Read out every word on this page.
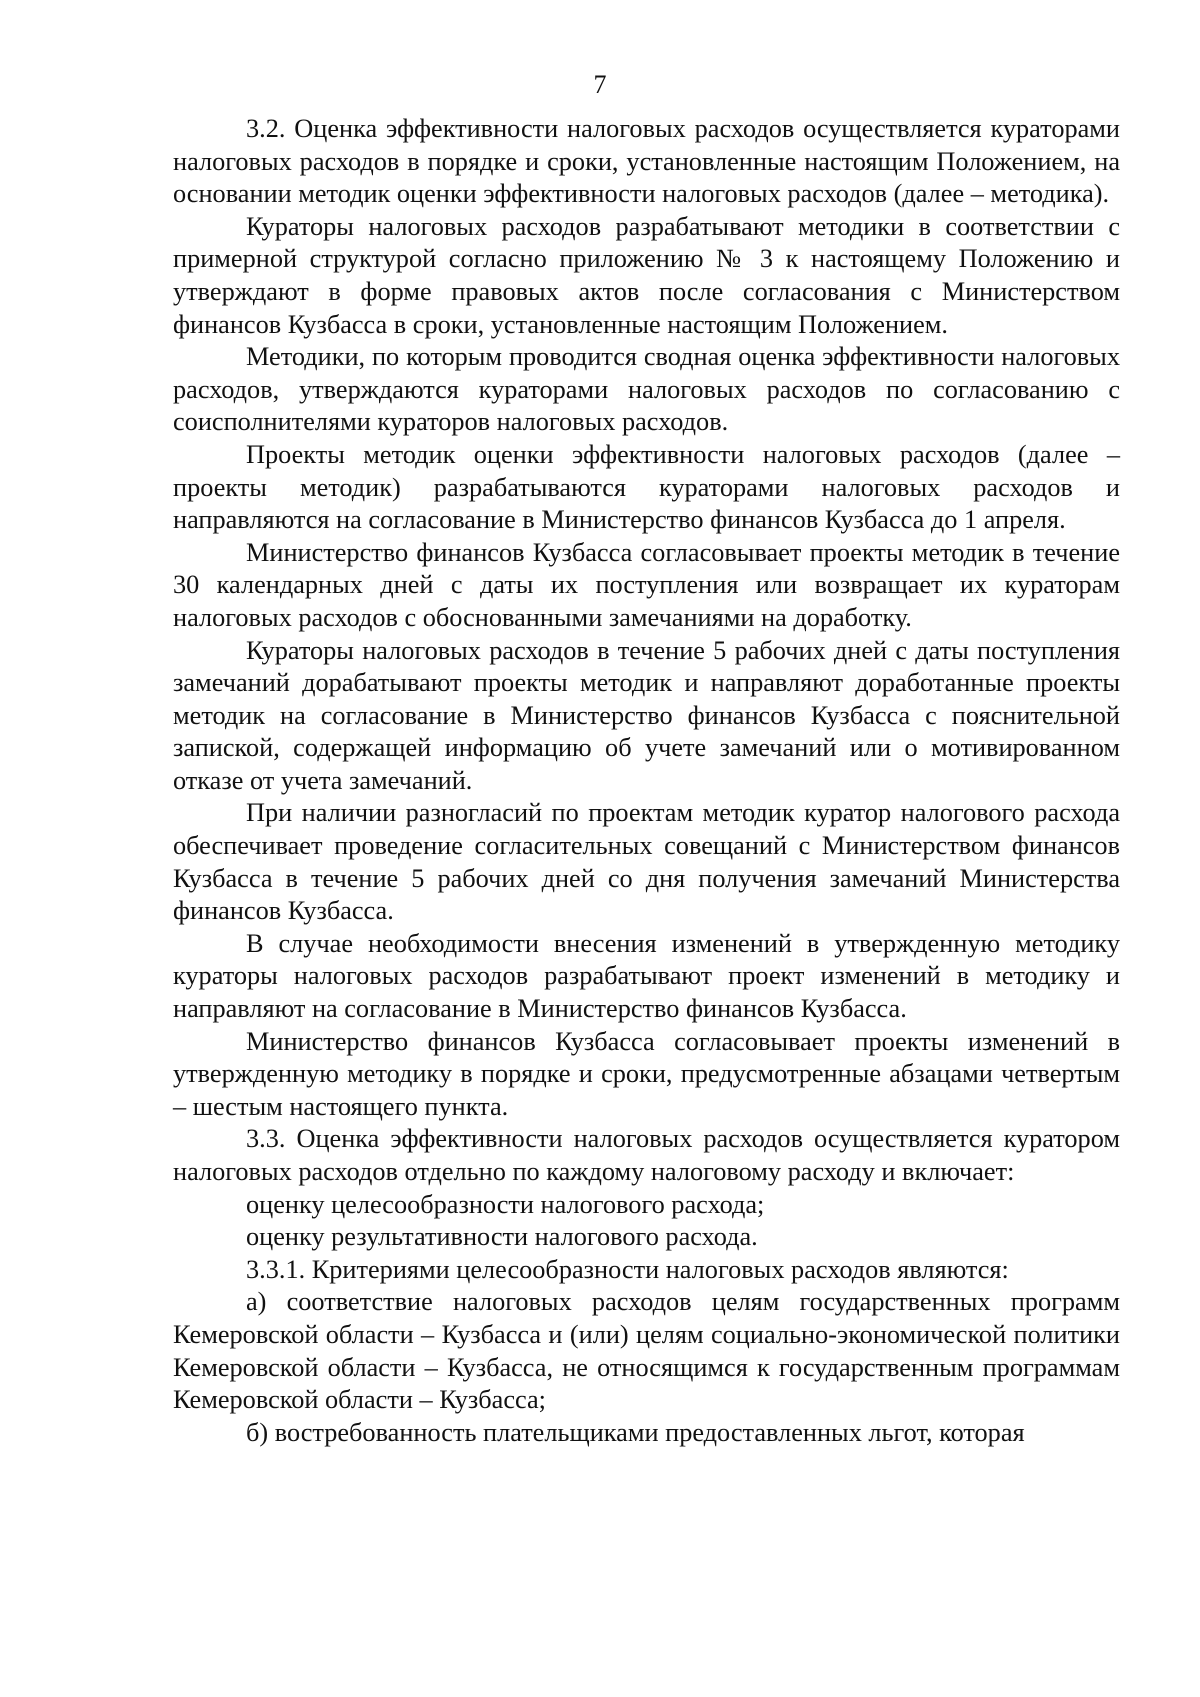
7

3.2. Оценка эффективности налоговых расходов осуществляется кураторами налоговых расходов в порядке и сроки, установленные настоящим Положением, на основании методик оценки эффективности налоговых расходов (далее – методика).

Кураторы налоговых расходов разрабатывают методики в соответствии с примерной структурой согласно приложению № 3 к настоящему Положению и утверждают в форме правовых актов после согласования с Министерством финансов Кузбасса в сроки, установленные настоящим Положением.

Методики, по которым проводится сводная оценка эффективности налоговых расходов, утверждаются кураторами налоговых расходов по согласованию с соисполнителями кураторов налоговых расходов.

Проекты методик оценки эффективности налоговых расходов (далее – проекты методик) разрабатываются кураторами налоговых расходов и направляются на согласование в Министерство финансов Кузбасса до 1 апреля.

Министерство финансов Кузбасса согласовывает проекты методик в течение 30 календарных дней с даты их поступления или возвращает их кураторам налоговых расходов с обоснованными замечаниями на доработку.

Кураторы налоговых расходов в течение 5 рабочих дней с даты поступления замечаний дорабатывают проекты методик и направляют доработанные проекты методик на согласование в Министерство финансов Кузбасса с пояснительной запиской, содержащей информацию об учете замечаний или о мотивированном отказе от учета замечаний.

При наличии разногласий по проектам методик куратор налогового расхода обеспечивает проведение согласительных совещаний с Министерством финансов Кузбасса в течение 5 рабочих дней со дня получения замечаний Министерства финансов Кузбасса.

В случае необходимости внесения изменений в утвержденную методику кураторы налоговых расходов разрабатывают проект изменений в методику и направляют на согласование в Министерство финансов Кузбасса.

Министерство финансов Кузбасса согласовывает проекты изменений в утвержденную методику в порядке и сроки, предусмотренные абзацами четвертым – шестым настоящего пункта.

3.3. Оценка эффективности налоговых расходов осуществляется куратором налоговых расходов отдельно по каждому налоговому расходу и включает:

оценку целесообразности налогового расхода;

оценку результативности налогового расхода.

3.3.1. Критериями целесообразности налоговых расходов являются:

а) соответствие налоговых расходов целям государственных программ Кемеровской области – Кузбасса и (или) целям социально-экономической политики Кемеровской области – Кузбасса, не относящимся к государственным программам Кемеровской области – Кузбасса;

б) востребованность плательщиками предоставленных льгот, которая
